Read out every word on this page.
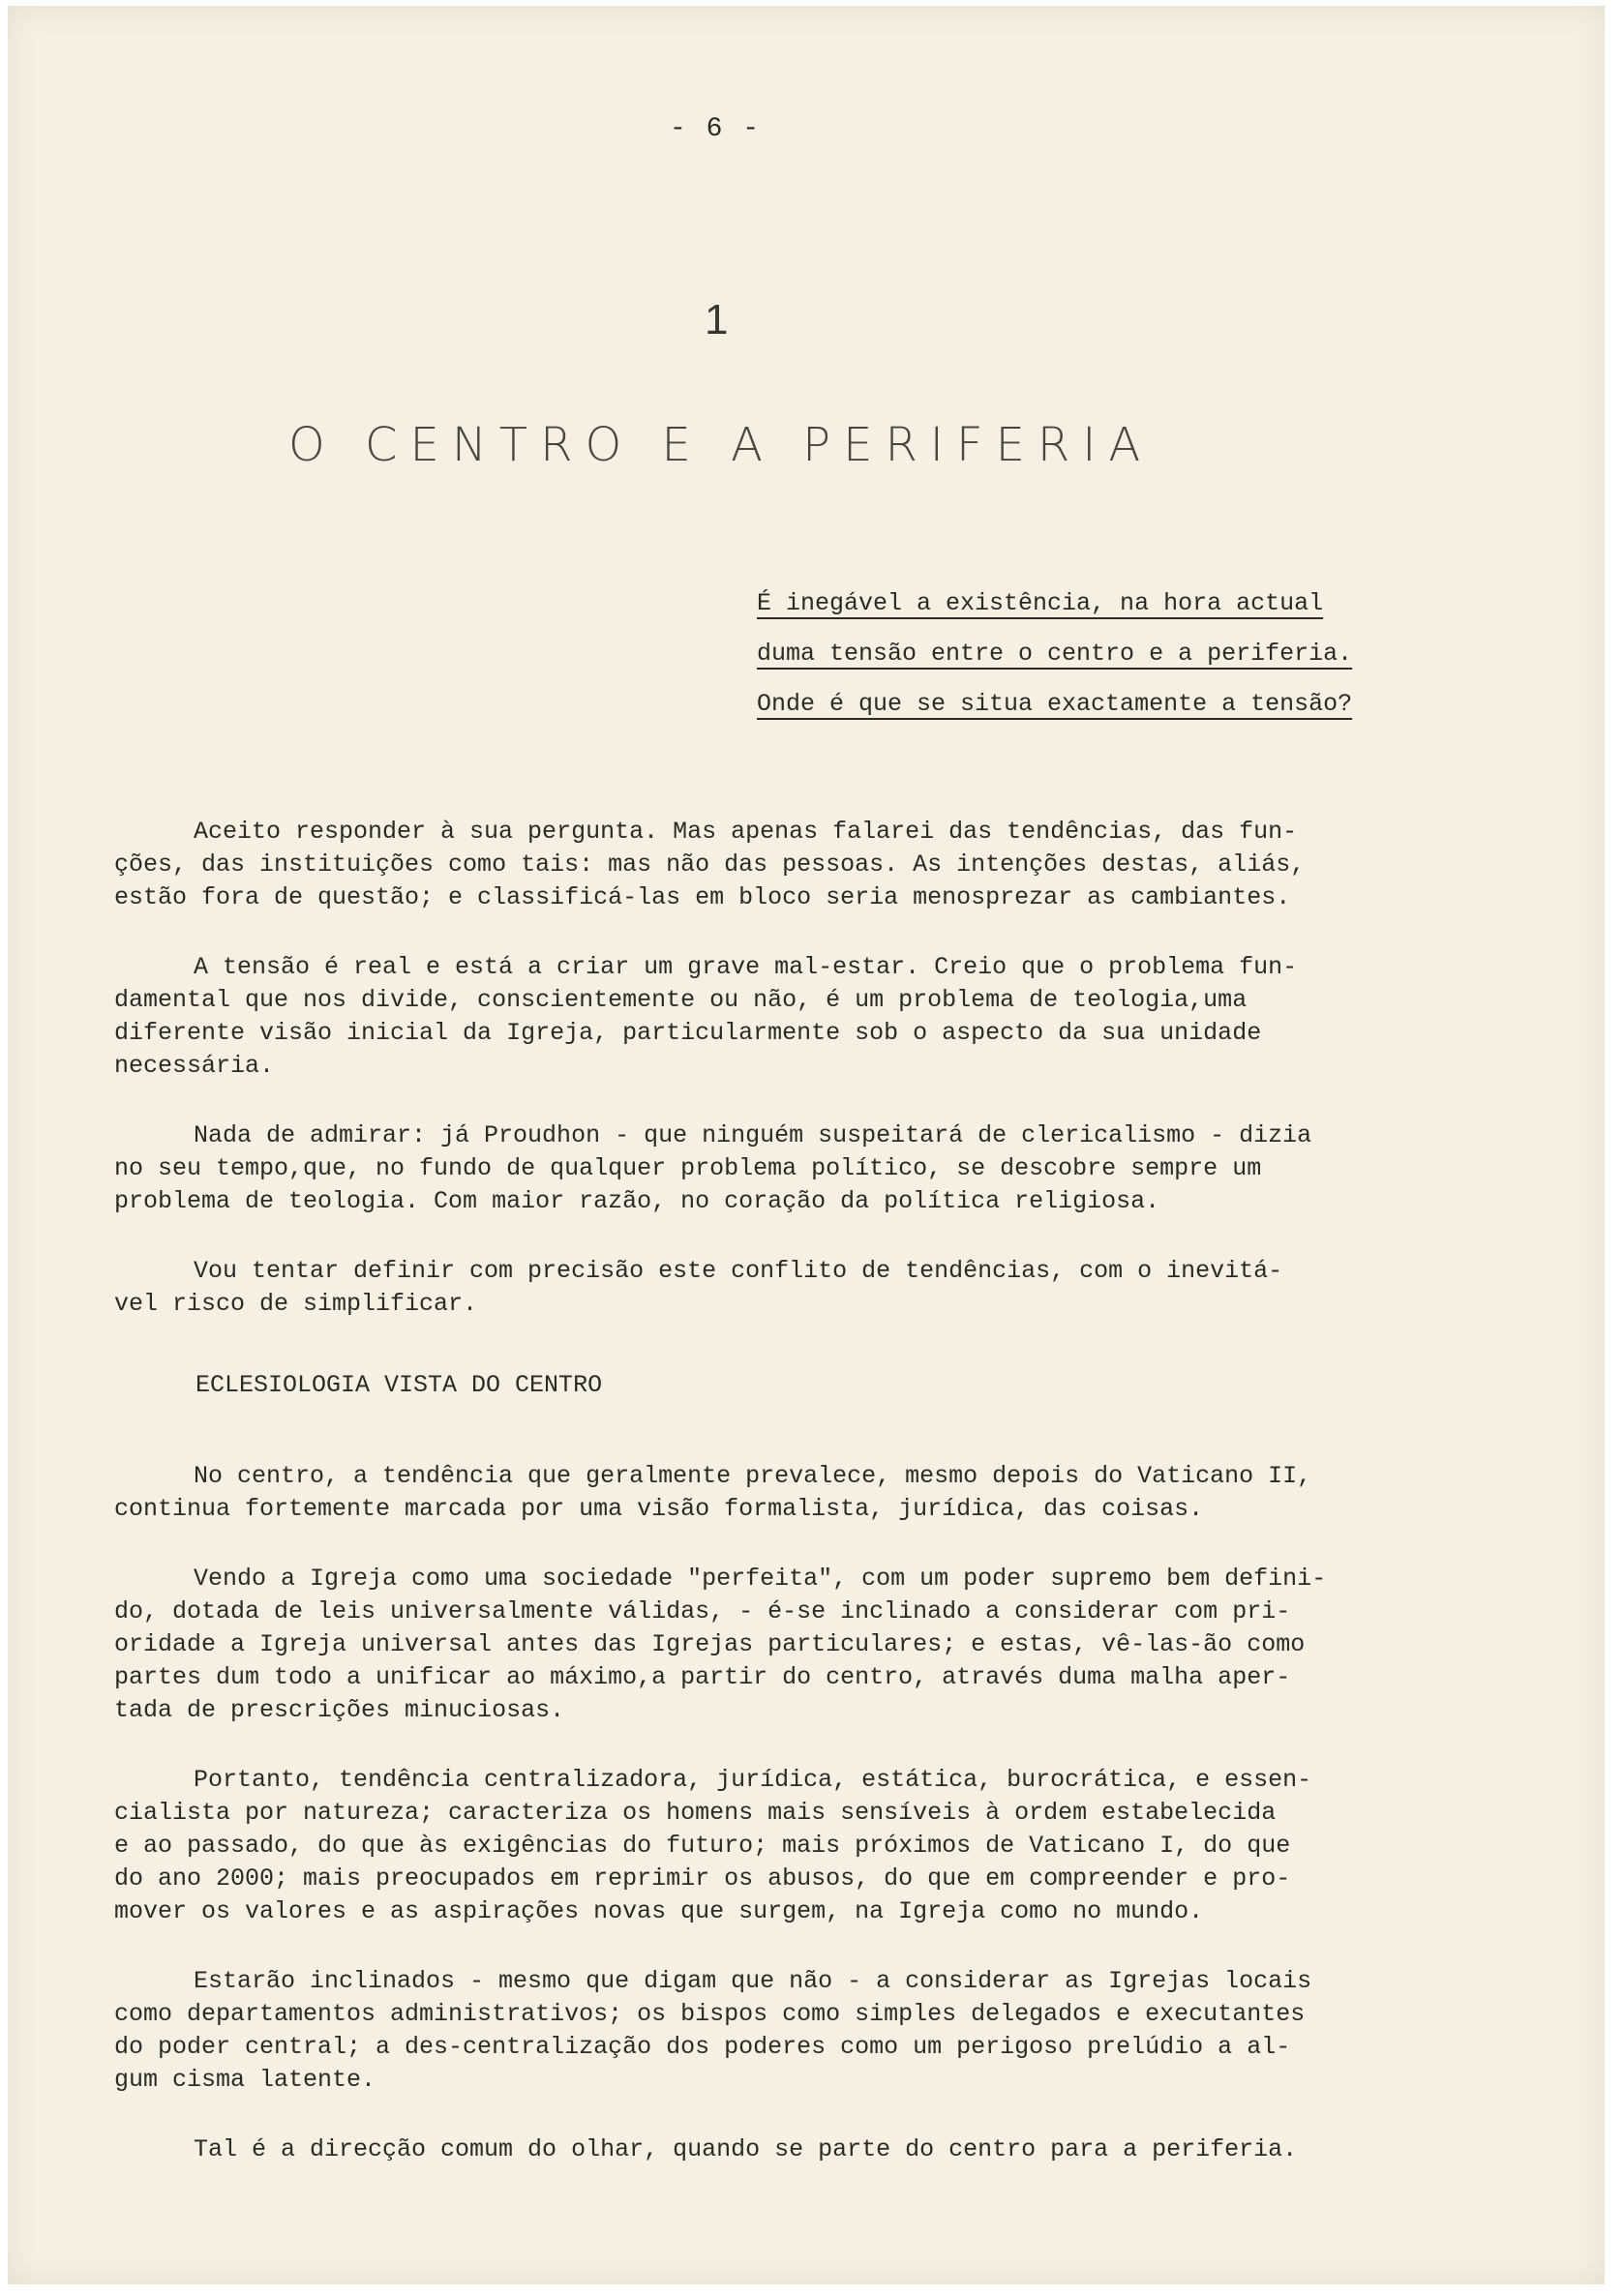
- 6 -
1
O CENTRO E A PERIFERIA
É inegável a existência, na hora actual
duma tensão entre o centro e a periferia.
Onde é que se situa exactamente a tensão?
Aceito responder à sua pergunta. Mas apenas falarei das tendências, das fun-
ções, das instituições como tais: mas não das pessoas. As intenções destas, aliás,
estão fora de questão; e classificá-las em bloco seria menosprezar as cambiantes.
A tensão é real e está a criar um grave mal-estar. Creio que o problema fun-
damental que nos divide, conscientemente ou não, é um problema de teologia,uma
diferente visão inicial da Igreja, particularmente sob o aspecto da sua unidade
necessária.
Nada de admirar: já Proudhon - que ninguém suspeitará de clericalismo - dizia
no seu tempo,que, no fundo de qualquer problema político, se descobre sempre um
problema de teologia. Com maior razão, no coração da política religiosa.
Vou tentar definir com precisão este conflito de tendências, com o inevitá-
vel risco de simplificar.
ECLESIOLOGIA VISTA DO CENTRO
No centro, a tendência que geralmente prevalece, mesmo depois do Vaticano II,
continua fortemente marcada por uma visão formalista, jurídica, das coisas.
Vendo a Igreja como uma sociedade "perfeita", com um poder supremo bem defini-
do, dotada de leis universalmente válidas, - é-se inclinado a considerar com pri-
oridade a Igreja universal antes das Igrejas particulares; e estas, vê-las-ão como
partes dum todo a unificar ao máximo,a partir do centro, através duma malha aper-
tada de prescrições minuciosas.
Portanto, tendência centralizadora, jurídica, estática, burocrática, e essen-
cialista por natureza; caracteriza os homens mais sensíveis à ordem estabelecida
e ao passado, do que às exigências do futuro; mais próximos de Vaticano I, do que
do ano 2000; mais preocupados em reprimir os abusos, do que em compreender e pro-
mover os valores e as aspirações novas que surgem, na Igreja como no mundo.
Estarão inclinados - mesmo que digam que não - a considerar as Igrejas locais
como departamentos administrativos; os bispos como simples delegados e executantes
do poder central; a des-centralização dos poderes como um perigoso prelúdio a al-
gum cisma latente.
Tal é a direcção comum do olhar, quando se parte do centro para a periferia.
